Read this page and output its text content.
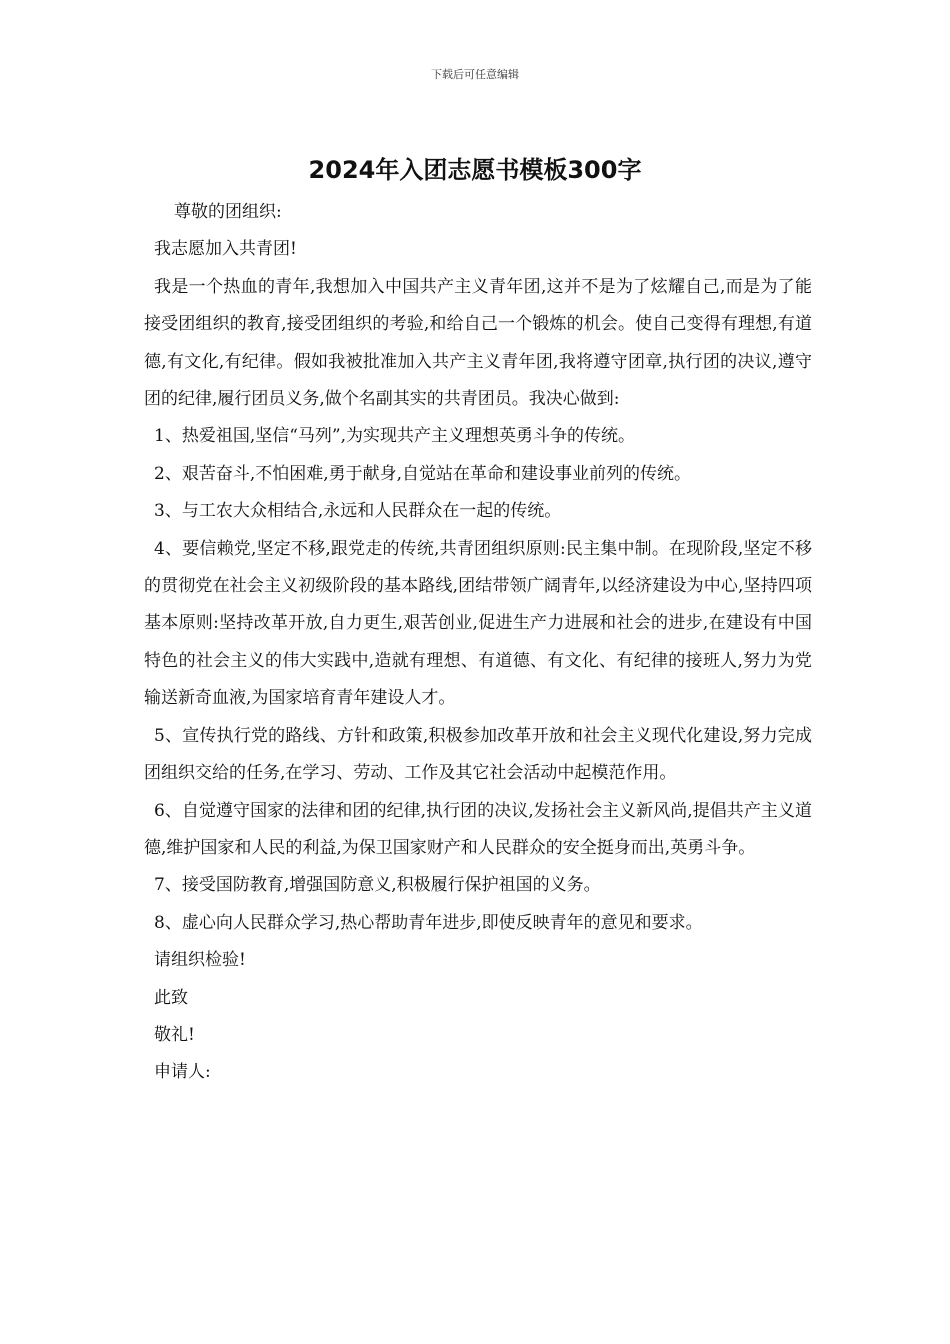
下载后可任意编辑
2024年入团志愿书模板300字

尊敬的团组织:

我志愿加入共青团!

我是一个热血的青年,我想加入中国共产主义青年团,这并不是为了炫耀自己,而是为了能接受团组织的教育,接受团组织的考验,和给自己一个锻炼的机会。使自己变得有理想,有道德,有文化,有纪律。假如我被批准加入共产主义青年团,我将遵守团章,执行团的决议,遵守团的纪律,履行团员义务,做个名副其实的共青团员。我决心做到:

1、热爱祖国,坚信“马列”,为实现共产主义理想英勇斗争的传统。

2、艰苦奋斗,不怕困难,勇于献身,自觉站在革命和建设事业前列的传统。

3、与工农大众相结合,永远和人民群众在一起的传统。

4、要信赖党,坚定不移,跟党走的传统,共青团组织原则:民主集中制。在现阶段,坚定不移的贯彻党在社会主义初级阶段的基本路线,团结带领广阔青年,以经济建设为中心,坚持四项基本原则:坚持改革开放,自力更生,艰苦创业,促进生产力进展和社会的进步,在建设有中国特色的社会主义的伟大实践中,造就有理想、有道德、有文化、有纪律的接班人,努力为党输送新奇血液,为国家培育青年建设人才。

5、宣传执行党的路线、方针和政策,积极参加改革开放和社会主义现代化建设,努力完成团组织交给的任务,在学习、劳动、工作及其它社会活动中起模范作用。

6、自觉遵守国家的法律和团的纪律,执行团的决议,发扬社会主义新风尚,提倡共产主义道德,维护国家和人民的利益,为保卫国家财产和人民群众的安全挺身而出,英勇斗争。

7、接受国防教育,增强国防意义,积极履行保护祖国的义务。

8、虚心向人民群众学习,热心帮助青年进步,即使反映青年的意见和要求。

请组织检验!

此致

敬礼!

申请人:
